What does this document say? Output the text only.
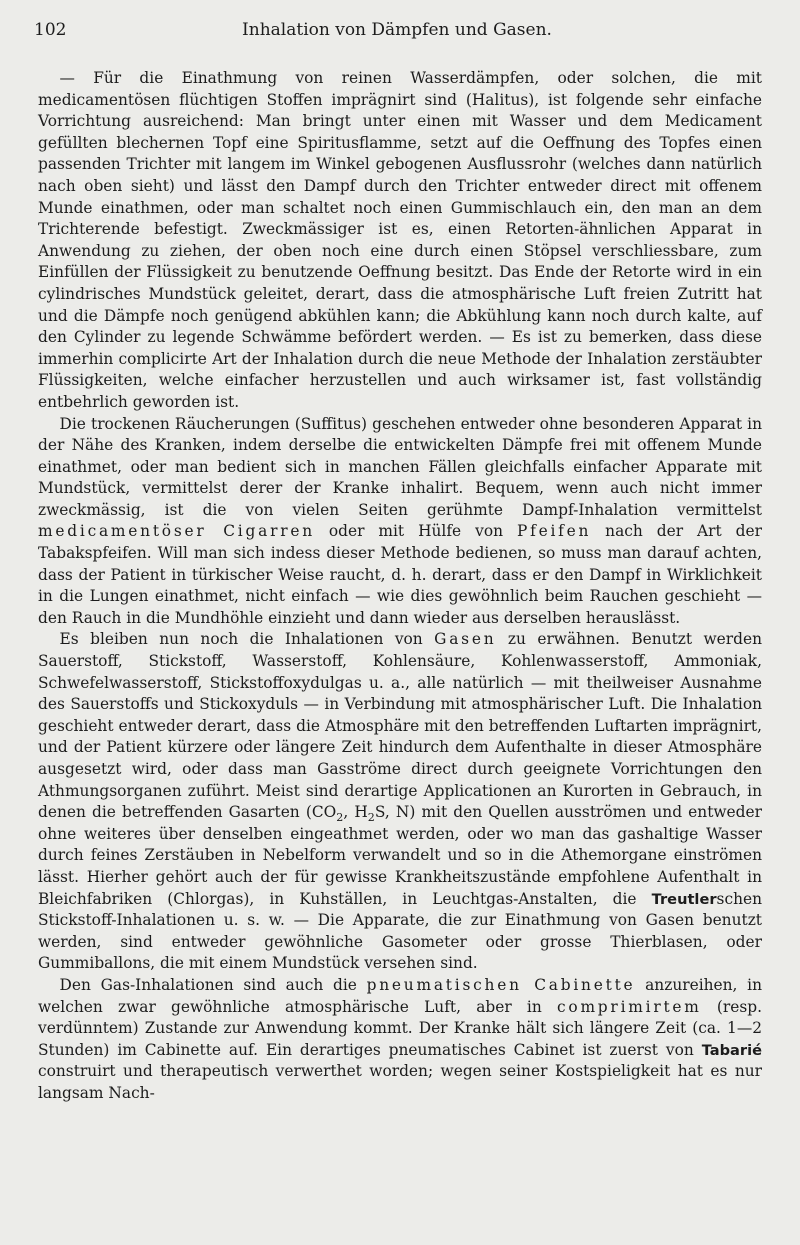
102	Inhalation von Dämpfen und Gasen.

— Für die Einathmung von reinen Wasserdämpfen, oder solchen, die mit medicamentösen flüchtigen Stoffen imprägnirt sind (Halitus), ist folgende sehr einfache Vorrichtung ausreichend: Man bringt unter einen mit Wasser und dem Medicament gefüllten blechernen Topf eine Spiritusflamme, setzt auf die Oeffnung des Topfes einen passenden Trichter mit langem im Winkel gebogenen Ausflussrohr (welches dann natürlich nach oben sieht) und lässt den Dampf durch den Trichter entweder direct mit offenem Munde einathmen, oder man schaltet noch einen Gummischlauch ein, den man an dem Trichterende befestigt. Zweckmässiger ist es, einen Retorten-ähnlichen Apparat in Anwendung zu ziehen, der oben noch eine durch einen Stöpsel verschliessbare, zum Einfüllen der Flüssigkeit zu benutzende Oeffnung besitzt. Das Ende der Retorte wird in ein cylindrisches Mundstück geleitet, derart, dass die atmosphärische Luft freien Zutritt hat und die Dämpfe noch genügend abkühlen kann; die Abkühlung kann noch durch kalte, auf den Cylinder zu legende Schwämme befördert werden. — Es ist zu bemerken, dass diese immerhin complicirte Art der Inhalation durch die neue Methode der Inhalation zerstäubter Flüssigkeiten, welche einfacher herzustellen und auch wirksamer ist, fast vollständig entbehrlich geworden ist.

Die trockenen Räucherungen (Suffitus) geschehen entweder ohne besonderen Apparat in der Nähe des Kranken, indem derselbe die entwickelten Dämpfe frei mit offenem Munde einathmet, oder man bedient sich in manchen Fällen gleichfalls einfacher Apparate mit Mundstück, vermittelst derer der Kranke inhalirt. Bequem, wenn auch nicht immer zweckmässig, ist die von vielen Seiten gerühmte Dampf-Inhalation vermittelst medicamentöser Cigarren oder mit Hülfe von Pfeifen nach der Art der Tabakspfeifen. Will man sich indess dieser Methode bedienen, so muss man darauf achten, dass der Patient in türkischer Weise raucht, d. h. derart, dass er den Dampf in Wirklichkeit in die Lungen einathmet, nicht einfach — wie dies gewöhnlich beim Rauchen geschieht — den Rauch in die Mundhöhle einzieht und dann wieder aus derselben herauslässt.

Es bleiben nun noch die Inhalationen von Gasen zu erwähnen. Benutzt werden Sauerstoff, Stickstoff, Wasserstoff, Kohlensäure, Kohlenwasserstoff, Ammoniak, Schwefelwasserstoff, Stickstoffoxydulgas u. a., alle natürlich — mit theilweiser Ausnahme des Sauerstoffs und Stickoxyduls — in Verbindung mit atmosphärischer Luft. Die Inhalation geschieht entweder derart, dass die Atmosphäre mit den betreffenden Luftarten imprägnirt, und der Patient kürzere oder längere Zeit hindurch dem Aufenthalte in dieser Atmosphäre ausgesetzt wird, oder dass man Gasströme direct durch geeignete Vorrichtungen den Athmungsorganen zuführt. Meist sind derartige Applicationen an Kurorten in Gebrauch, in denen die betreffenden Gasarten ($CO_2$, $H_2S$, N) mit den Quellen ausströmen und entweder ohne weiteres über denselben eingeathmet werden, oder wo man das gashaltige Wasser durch feines Zerstäuben in Nebelform verwandelt und so in die Athemorgane einströmen lässt. Hierher gehört auch der für gewisse Krankheitszustände empfohlene Aufenthalt in Bleichfabriken (Chlorgas), in Kuhställen, in Leuchtgas-Anstalten, die Treutlerschen Stickstoff-Inhalationen u. s. w. — Die Apparate, die zur Einathmung von Gasen benutzt werden, sind entweder gewöhnliche Gasometer oder grosse Thierblasen, oder Gummiballons, die mit einem Mundstück versehen sind.

Den Gas-Inhalationen sind auch die pneumatischen Cabinette anzureihen, in welchen zwar gewöhnliche atmosphärische Luft, aber in comprimirtem (resp. verdünntem) Zustande zur Anwendung kommt. Der Kranke hält sich längere Zeit (ca. 1—2 Stunden) im Cabinette auf. Ein derartiges pneumatisches Cabinet ist zuerst von Tabarié construirt und therapeutisch verwerthet worden; wegen seiner Kostspieligkeit hat es nur langsam Nach-
